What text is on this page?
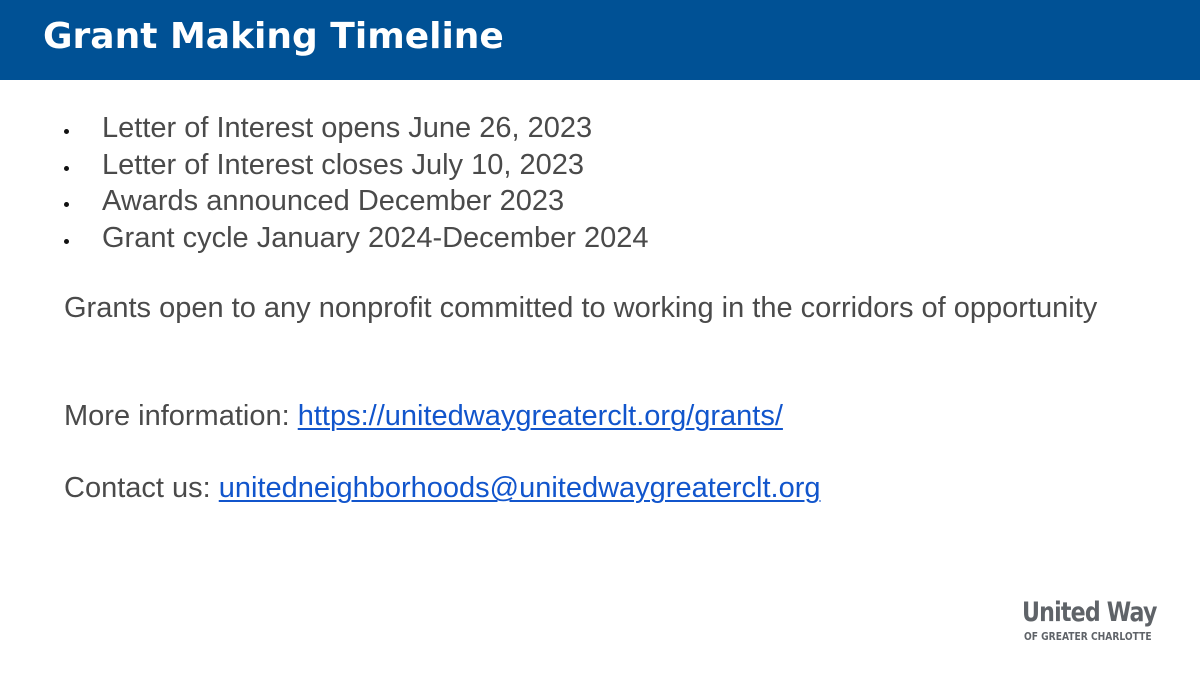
Grant Making Timeline
Letter of Interest opens June 26, 2023
Letter of Interest closes July 10, 2023
Awards announced December 2023
Grant cycle January 2024-December 2024

Grants open to any nonprofit committed to working in the corridors of opportunity

More information: https://unitedwaygreaterclt.org/grants/

Contact us: unitedneighborhoods@unitedwaygreaterclt.org

United Way
OF GREATER CHARLOTTE
